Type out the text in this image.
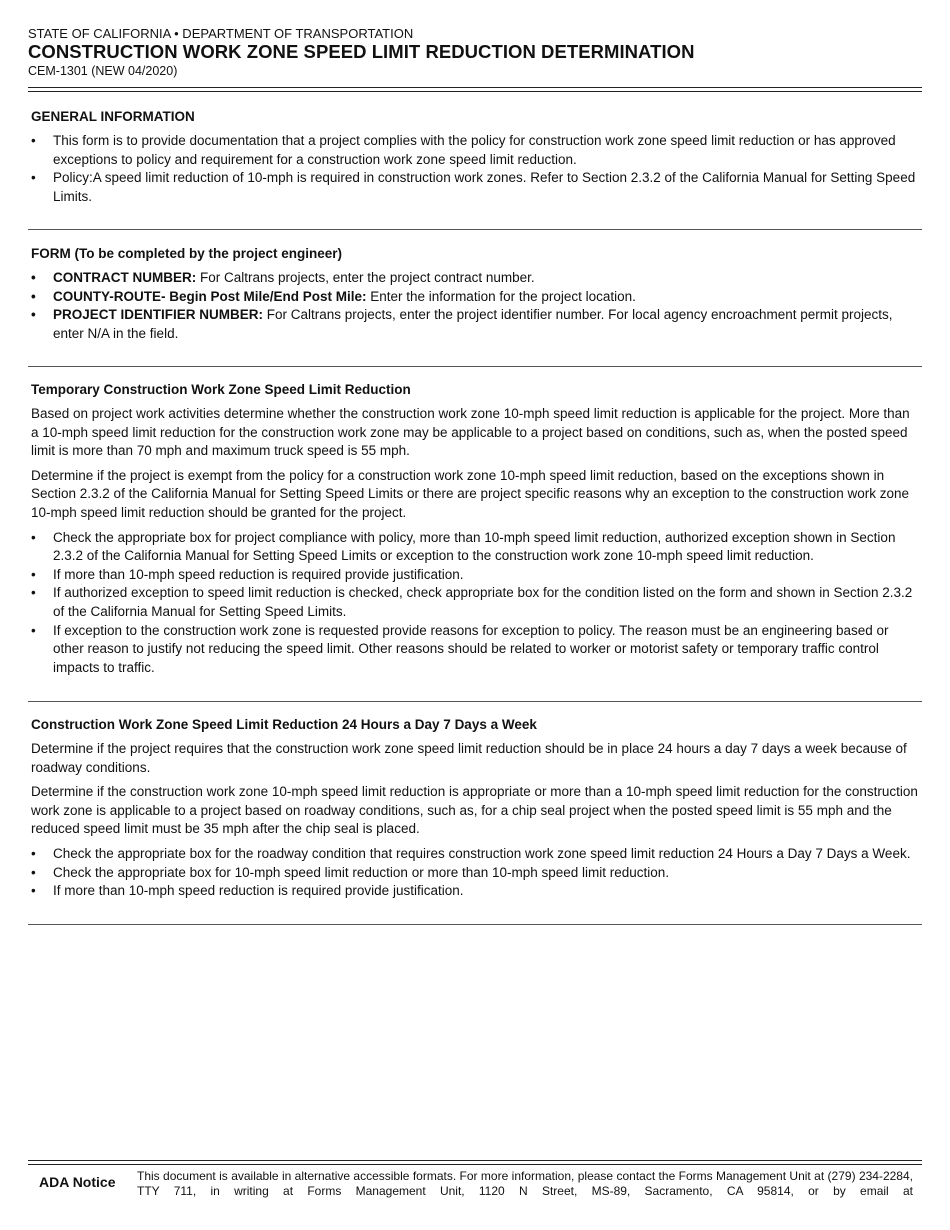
STATE OF CALIFORNIA • DEPARTMENT OF TRANSPORTATION
CONSTRUCTION WORK ZONE SPEED LIMIT REDUCTION DETERMINATION
CEM-1301 (NEW 04/2020)
GENERAL INFORMATION
• This form is to provide documentation that a project complies with the policy for construction work zone speed limit reduction or has approved exceptions to policy and requirement for a construction work zone speed limit reduction.
• Policy:A speed limit reduction of 10-mph is required in construction work zones. Refer to Section 2.3.2 of the California Manual for Setting Speed Limits.
FORM (To be completed by the project engineer)
• CONTRACT NUMBER: For Caltrans projects, enter the project contract number.
• COUNTY-ROUTE- Begin Post Mile/End Post Mile: Enter the information for the project location.
• PROJECT IDENTIFIER NUMBER: For Caltrans projects, enter the project identifier number. For local agency encroachment permit projects, enter N/A in the field.
Temporary Construction Work Zone Speed Limit Reduction

Based on project work activities determine whether the construction work zone 10-mph speed limit reduction is applicable for the project. More than a 10-mph speed limit reduction for the construction work zone may be applicable to a project based on conditions, such as, when the posted speed limit is more than 70 mph and maximum truck speed is 55 mph.

Determine if the project is exempt from the policy for a construction work zone 10-mph speed limit reduction, based on the exceptions shown in Section 2.3.2 of the California Manual for Setting Speed Limits or there are project specific reasons why an exception to the construction work zone 10-mph speed limit reduction should be granted for the project.

• Check the appropriate box for project compliance with policy, more than 10-mph speed limit reduction, authorized exception shown in Section 2.3.2 of the California Manual for Setting Speed Limits or exception to the construction work zone 10-mph speed limit reduction.
• If more than 10-mph speed reduction is required provide justification.
• If authorized exception to speed limit reduction is checked, check appropriate box for the condition listed on the form and shown in Section 2.3.2 of the California Manual for Setting Speed Limits.
• If exception to the construction work zone is requested provide reasons for exception to policy. The reason must be an engineering based or other reason to justify not reducing the speed limit. Other reasons should be related to worker or motorist safety or temporary traffic control impacts to traffic.
Construction Work Zone Speed Limit Reduction 24 Hours a Day 7 Days a Week

Determine if the project requires that the construction work zone speed limit reduction should be in place 24 hours a day 7 days a week because of roadway conditions.

Determine if the construction work zone 10-mph speed limit reduction is appropriate or more than a 10-mph speed limit reduction for the construction work zone is applicable to a project based on roadway conditions, such as, for a chip seal project when the posted speed limit is 55 mph and the reduced speed limit must be 35 mph after the chip seal is placed.

• Check the appropriate box for the roadway condition that requires construction work zone speed limit reduction 24 Hours a Day 7 Days a Week.
• Check the appropriate box for 10-mph speed limit reduction or more than 10-mph speed limit reduction.
• If more than 10-mph speed reduction is required provide justification.
ADA Notice This document is available in alternative accessible formats. For more information, please contact the Forms Management Unit at (279) 234-2284, TTY 711, in writing at Forms Management Unit, 1120 N Street, MS-89, Sacramento, CA 95814, or by email at
